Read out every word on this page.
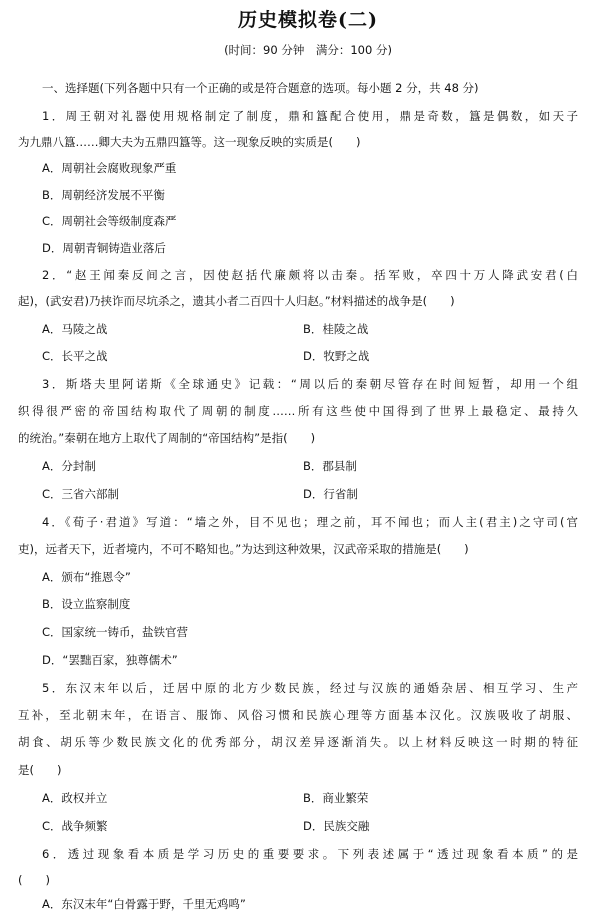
历史模拟卷(二)
(时间：90 分钟　满分：100 分)
一、选择题(下列各题中只有一个正确的或是符合题意的选项。每小题 2 分，共 48 分)
1．周王朝对礼器使用规格制定了制度，鼎和簋配合使用，鼎是奇数，簋是偶数，如天子
为九鼎八簋……卿大夫为五鼎四簋等。这一现象反映的实质是(　　)
A．周朝社会腐败现象严重
B．周朝经济发展不平衡
C．周朝社会等级制度森严
D．周朝青铜铸造业落后
2．“赵王闻秦反间之言，因使赵括代廉颇将以击秦。括军败，卒四十万人降武安君(白
起)，(武安君)乃挟诈而尽坑杀之，遗其小者二百四十人归赵。”材料描述的战争是(　　)
A．马陵之战	B．桂陵之战
C．长平之战	D．牧野之战
3．斯塔夫里阿诺斯《全球通史》记载：“周以后的秦朝尽管存在时间短暂，却用一个组
织得很严密的帝国结构取代了周朝的制度……所有这些使中国得到了世界上最稳定、最持久
的统治。”秦朝在地方上取代了周制的“帝国结构”是指(　　)
A．分封制	B．郡县制
C．三省六部制	D．行省制
4．《荀子·君道》写道：“墙之外，目不见也；理之前，耳不闻也；而人主(君主)之守司(官
吏)，远者天下，近者境内，不可不略知也。”为达到这种效果，汉武帝采取的措施是(　　)
A．颁布“推恩令”
B．设立监察制度
C．国家统一铸币，盐铁官营
D．“罢黜百家，独尊儒术”
5．东汉末年以后，迁居中原的北方少数民族，经过与汉族的通婚杂居、相互学习、生产
互补，至北朝末年，在语言、服饰、风俗习惯和民族心理等方面基本汉化。汉族吸收了胡服、
胡食、胡乐等少数民族文化的优秀部分，胡汉差异逐渐消失。以上材料反映这一时期的特征
是(　　)
A．政权并立	B．商业繁荣
C．战争频繁	D．民族交融
6．透过现象看本质是学习历史的重要要求。下列表述属于“透过现象看本质”的是
(　　)
A．东汉末年“白骨露于野，千里无鸡鸣”
